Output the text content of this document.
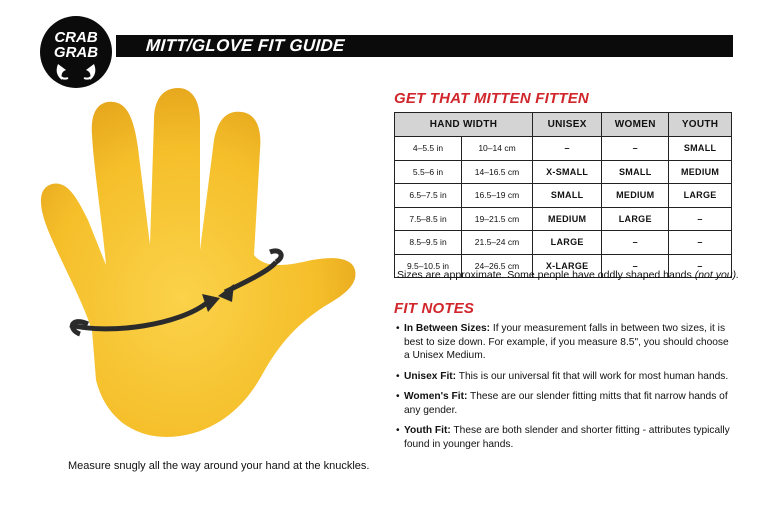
CRAB
GRAB	MITT/GLOVE FIT GUIDE
Measure snugly all the way around your hand at the knuckles.
GET THAT MITTEN FITTEN
HAND WIDTH		UNISEX	WOMEN	YOUTH
4–5.5 in	10–14 cm	–	–	SMALL
5.5–6 in	14–16.5 cm	X-SMALL	SMALL	MEDIUM
6.5–7.5 in	16.5–19 cm	SMALL	MEDIUM	LARGE
7.5–8.5 in	19–21.5 cm	MEDIUM	LARGE	–
8.5–9.5 in	21.5–24 cm	LARGE	–	–
9.5–10.5 in	24–26.5 cm	X-LARGE	–	–
Sizes are approximate. Some people have oddly shaped hands (not you).
FIT NOTES
• In Between Sizes: If your measurement falls in between two sizes, it is best to size down. For example, if you measure 8.5", you should choose a Unisex Medium.
• Unisex Fit: This is our universal fit that will work for most human hands.
• Women's Fit: These are our slender fitting mitts that fit narrow hands of any gender.
• Youth Fit: These are both slender and shorter fitting - attributes typically found in younger hands.
